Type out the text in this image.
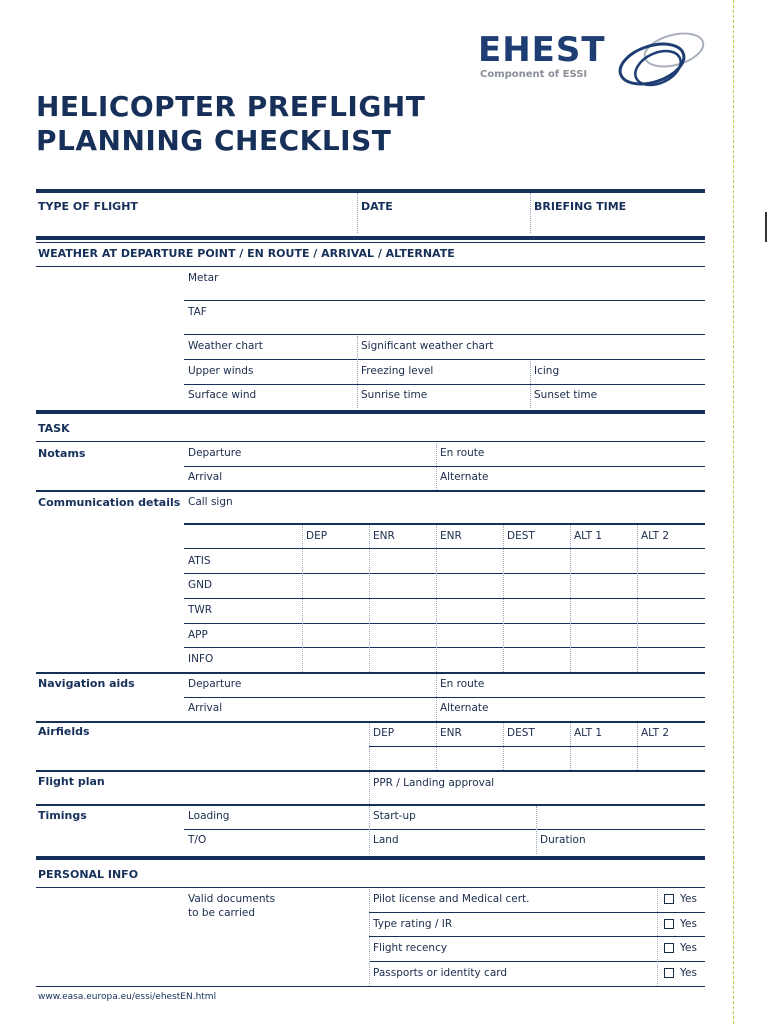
EHEST
Component of ESSI
HELICOPTER PREFLIGHT
PLANNING CHECKLIST
TYPE OF FLIGHT	DATE	BRIEFING TIME
WEATHER AT DEPARTURE POINT / EN ROUTE / ARRIVAL / ALTERNATE
Metar
TAF
Weather chart	Significant weather chart
Upper winds	Freezing level	Icing
Surface wind	Sunrise time	Sunset time
TASK
Notams	Departure	En route
Arrival	Alternate
Communication details Call sign
DEP	ENR	ENR	DEST	ALT 1	ALT 2
ATIS
GND
TWR
APP
INFO
Navigation aids	Departure	En route
Arrival	Alternate
Airfields	DEP	ENR	DEST	ALT 1	ALT 2
Flight plan	PPR / Landing approval
Timings	Loading	Start-up
T/O	Land	Duration
PERSONAL INFO
Valid documents
to be carried
Pilot license and Medical cert.	Yes
Type rating / IR	Yes
Flight recency	Yes
Passports or identity card	Yes
www.easa.europa.eu/essi/ehestEN.html
